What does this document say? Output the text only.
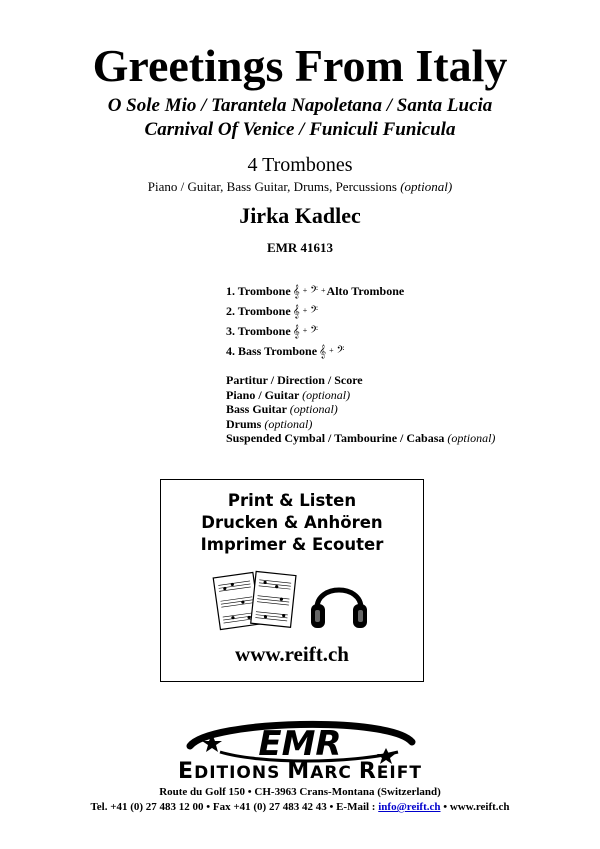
Greetings From Italy
O Sole Mio / Tarantela Napoletana / Santa Lucia
Carnival Of Venice / Funiculi Funicula
4 Trombones
Piano / Guitar, Bass Guitar, Drums, Percussions (optional)
Jirka Kadlec
EMR 41613
1. Trombone 𝄞 + 𝄢 + Alto Trombone
2. Trombone 𝄞 + 𝄢
3. Trombone 𝄞 + 𝄢
4. Bass Trombone 𝄞 + 𝄢
Partitur / Direction / Score
Piano / Guitar (optional)
Bass Guitar (optional)
Drums (optional)
Suspended Cymbal / Tambourine / Cabasa (optional)
Print & Listen
Drucken & Anhören
Imprimer & Ecouter
www.reift.ch
EMR
EDITIONS MARC REIFT
Route du Golf 150 • CH-3963 Crans-Montana (Switzerland)
Tel. +41 (0) 27 483 12 00 • Fax +41 (0) 27 483 42 43 • E-Mail : info@reift.ch • www.reift.ch
